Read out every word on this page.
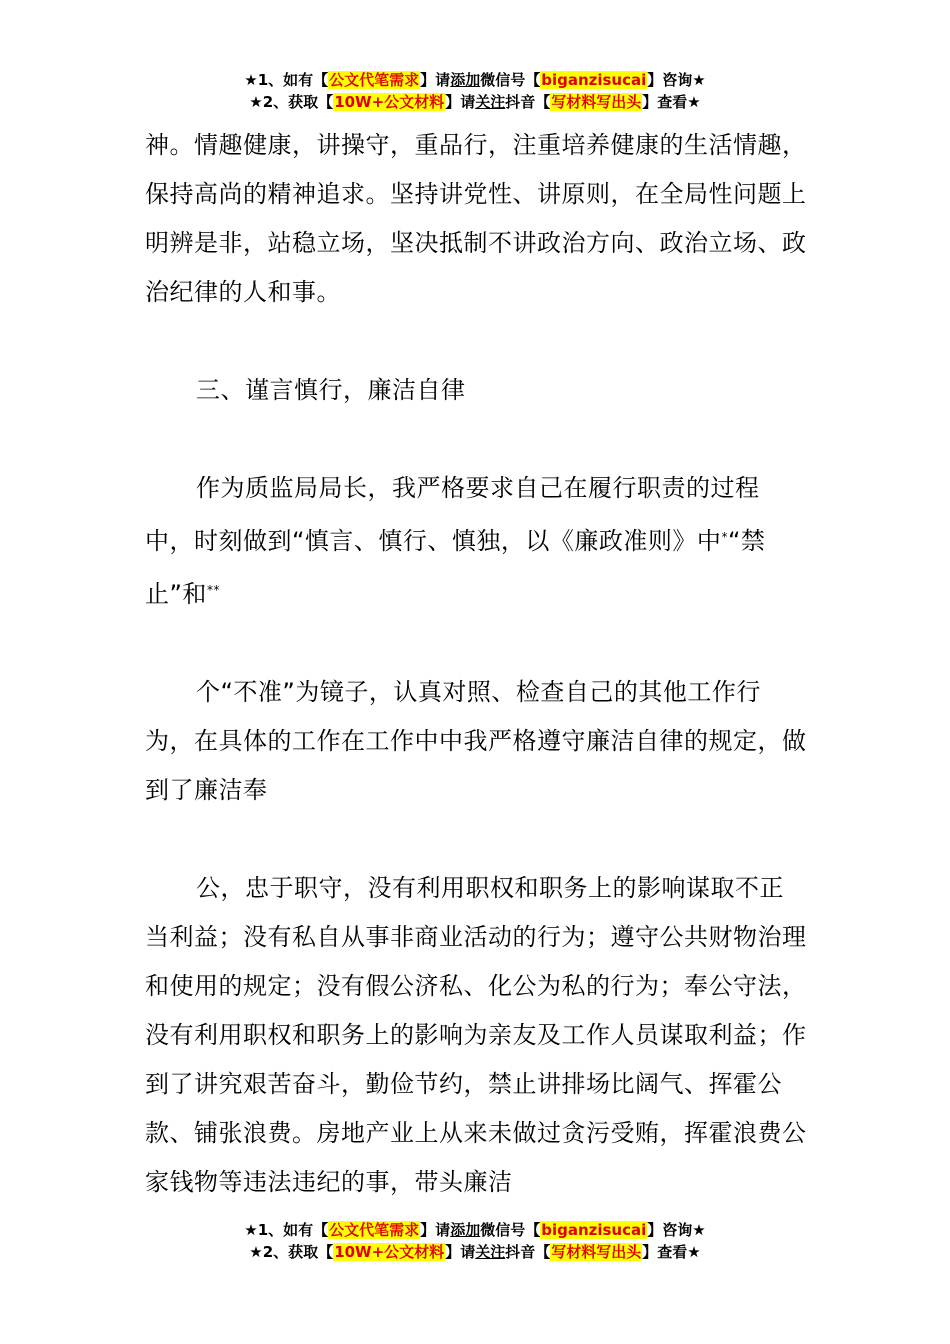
★1、如有【公文代笔需求】请添加微信号【biganzisucai】咨询★
★2、获取【10W+公文材料】请关注抖音【写材料写出头】查看★

神。情趣健康，讲操守，重品行，注重培养健康的生活情趣，保持高尚的精神追求。坚持讲党性、讲原则，在全局性问题上明辨是非，站稳立场，坚决抵制不讲政治方向、政治立场、政治纪律的人和事。

三、谨言慎行，廉洁自律

作为质监局局长，我严格要求自己在履行职责的过程中，时刻做到“慎言、慎行、慎独，以《廉政准则》中*“禁止”和**

个“不准”为镜子，认真对照、检查自己的其他工作行为，在具体的工作在工作中中我严格遵守廉洁自律的规定，做到了廉洁奉

公，忠于职守，没有利用职权和职务上的影响谋取不正当利益；没有私自从事非商业活动的行为；遵守公共财物治理和使用的规定；没有假公济私、化公为私的行为；奉公守法，没有利用职权和职务上的影响为亲友及工作人员谋取利益；作到了讲究艰苦奋斗，勤俭节约，禁止讲排场比阔气、挥霍公款、铺张浪费。房地产业上从来未做过贪污受贿，挥霍浪费公家钱物等违法违纪的事，带头廉洁

★1、如有【公文代笔需求】请添加微信号【biganzisucai】咨询★
★2、获取【10W+公文材料】请关注抖音【写材料写出头】查看★
